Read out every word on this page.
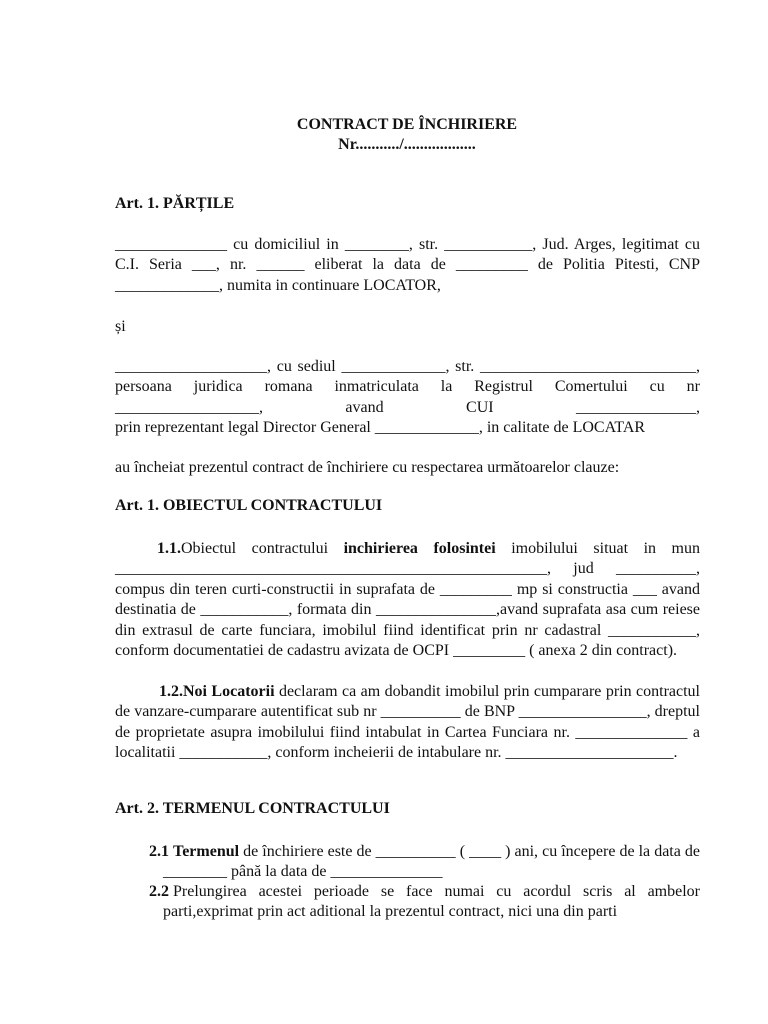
CONTRACT DE ÎNCHIRIERE
Nr.........../..................
Art. 1. PĂRȚILE
______________ cu domiciliul in ________, str. ___________, Jud. Arges, legitimat cu C.I. Seria ___, nr. ______ eliberat la data de _________ de Politia Pitesti, CNP _____________, numita in continuare LOCATOR,
și
___________________, cu sediul _____________, str. ___________________________, persoana juridica romana inmatriculata la Registrul Comertului cu nr __________________, avand CUI _______________,
prin reprezentant legal Director General _____________, in calitate de LOCATAR
au încheiat prezentul contract de închiriere cu respectarea următoarelor clauze:
Art. 1. OBIECTUL CONTRACTULUI
1.1.Obiectul contractului inchirierea folosintei imobilului situat in mun ______________________________________________________, jud __________, compus din teren curti-constructii in suprafata de _________ mp si constructia ___ avand destinatia de ___________, formata din _______________,avand suprafata asa cum reiese din extrasul de carte funciara, imobilul fiind identificat prin nr cadastral ___________, conform documentatiei de cadastru avizata de OCPI _________ ( anexa 2 din contract).
1.2.Noi Locatorii declaram ca am dobandit imobilul prin cumparare prin contractul de vanzare-cumparare autentificat sub nr __________ de BNP ________________, dreptul de proprietate asupra imobilului fiind intabulat in Cartea Funciara nr. ______________ a localitatii ___________, conform incheierii de intabulare nr. _____________________.
Art. 2. TERMENUL CONTRACTULUI
2.1 Termenul de închiriere este de __________ ( ____ ) ani, cu începere de la data de ________ până la data de ______________
2.2 Prelungirea acestei perioade se face numai cu acordul scris al ambelor parti,exprimat prin act aditional la prezentul contract, nici una din parti
